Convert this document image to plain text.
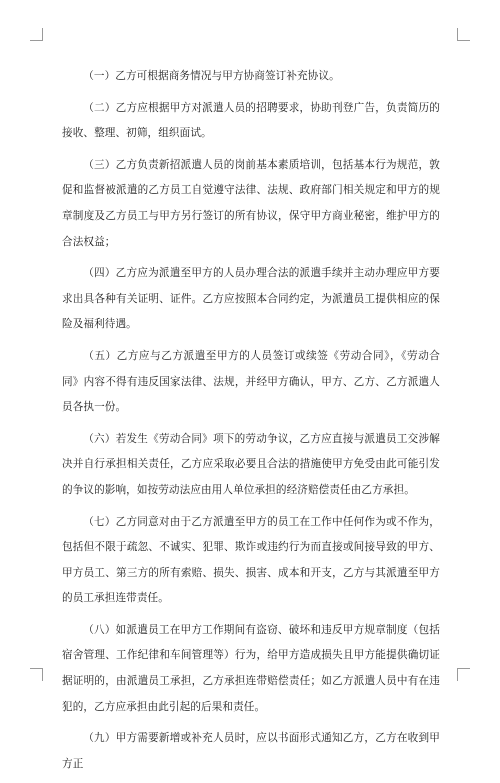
（一）乙方可根据商务情况与甲方协商签订补充协议。

（二）乙方应根据甲方对派遣人员的招聘要求，协助刊登广告，负责简历的接收、整理、初筛，组织面试。

（三）乙方负责新招派遣人员的岗前基本素质培训，包括基本行为规范，敦促和监督被派遣的乙方员工自觉遵守法律、法规、政府部门相关规定和甲方的规章制度及乙方员工与甲方另行签订的所有协议，保守甲方商业秘密，维护甲方的合法权益；

（四）乙方应为派遣至甲方的人员办理合法的派遣手续并主动办理应甲方要求出具各种有关证明、证件。乙方应按照本合同约定，为派遣员工提供相应的保险及福利待遇。

（五）乙方应与乙方派遣至甲方的人员签订或续签《劳动合同》，《劳动合同》内容不得有违反国家法律、法规，并经甲方确认，甲方、乙方、乙方派遣人员各执一份。

（六）若发生《劳动合同》项下的劳动争议，乙方应直接与派遣员工交涉解决并自行承担相关责任，乙方应采取必要且合法的措施使甲方免受由此可能引发的争议的影响，如按劳动法应由用人单位承担的经济赔偿责任由乙方承担。

（七）乙方同意对由于乙方派遣至甲方的员工在工作中任何作为或不作为，包括但不限于疏忽、不诚实、犯罪、欺诈或违约行为而直接或间接导致的甲方、甲方员工、第三方的所有索赔、损失、损害、成本和开支，乙方与其派遣至甲方的员工承担连带责任。

（八）如派遣员工在甲方工作期间有盗窃、破坏和违反甲方规章制度（包括宿舍管理、工作纪律和车间管理等）行为，给甲方造成损失且甲方能提供确切证据证明的，由派遣员工承担，乙方承担连带赔偿责任；如乙方派遣人员中有在违犯的，乙方应承担由此引起的后果和责任。

（九）甲方需要新增或补充人员时，应以书面形式通知乙方，乙方在收到甲方正
